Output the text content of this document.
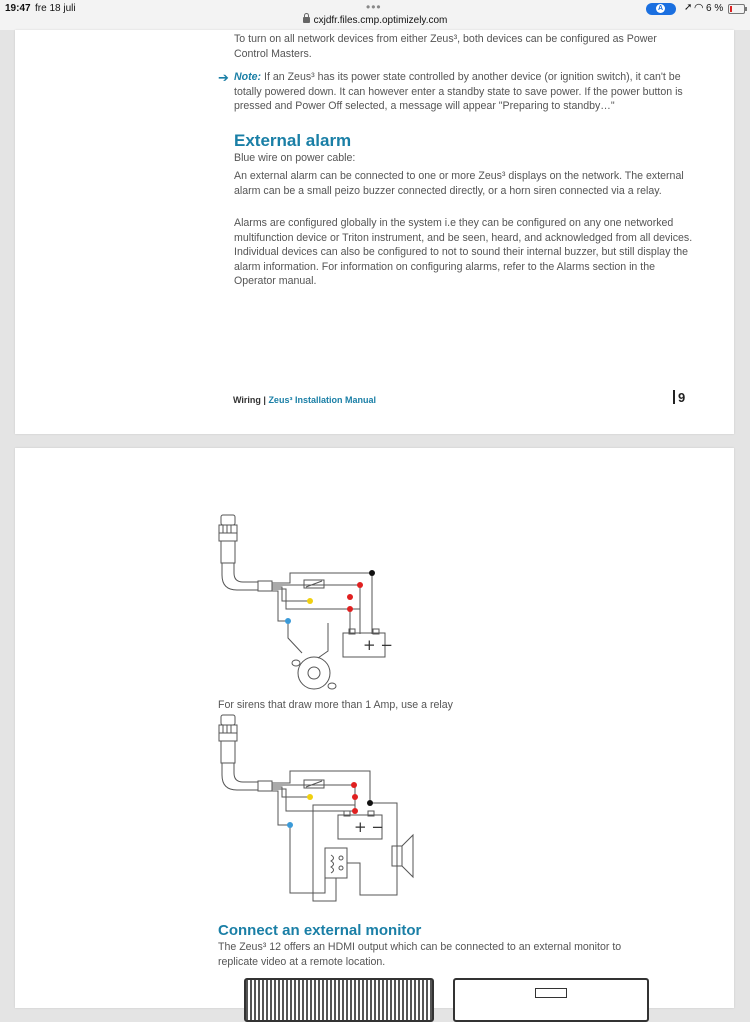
19:47 fre 18 juli	•••
cxjdfr.files.cmp.optimizely.com
A ➚ ◠ 6 %

To turn on all network devices from either Zeus³, both devices can be configured as Power Control Masters.

➔ Note: If an Zeus³ has its power state controlled by another device (or ignition switch), it can't be totally powered down. It can however enter a standby state to save power. If the power button is pressed and Power Off selected, a message will appear "Preparing to standby…"

External alarm

Blue wire on power cable:

An external alarm can be connected to one or more Zeus³ displays on the network. The external alarm can be a small peizo buzzer connected directly, or a horn siren connected via a relay.

Alarms are configured globally in the system i.e they can be configured on any one networked multifunction device or Triton instrument, and be seen, heard, and acknowledged from all devices. Individual devices can also be configured to not to sound their internal buzzer, but still display the alarm information. For information on configuring alarms, refer to the Alarms section in the Operator manual.

Wiring | Zeus³ Installation Manual	9
+ −

For sirens that draw more than 1 Amp, use a relay

+ −
Connect an external monitor

The Zeus³ 12 offers an HDMI output which can be connected to an external monitor to replicate video at a remote location.
